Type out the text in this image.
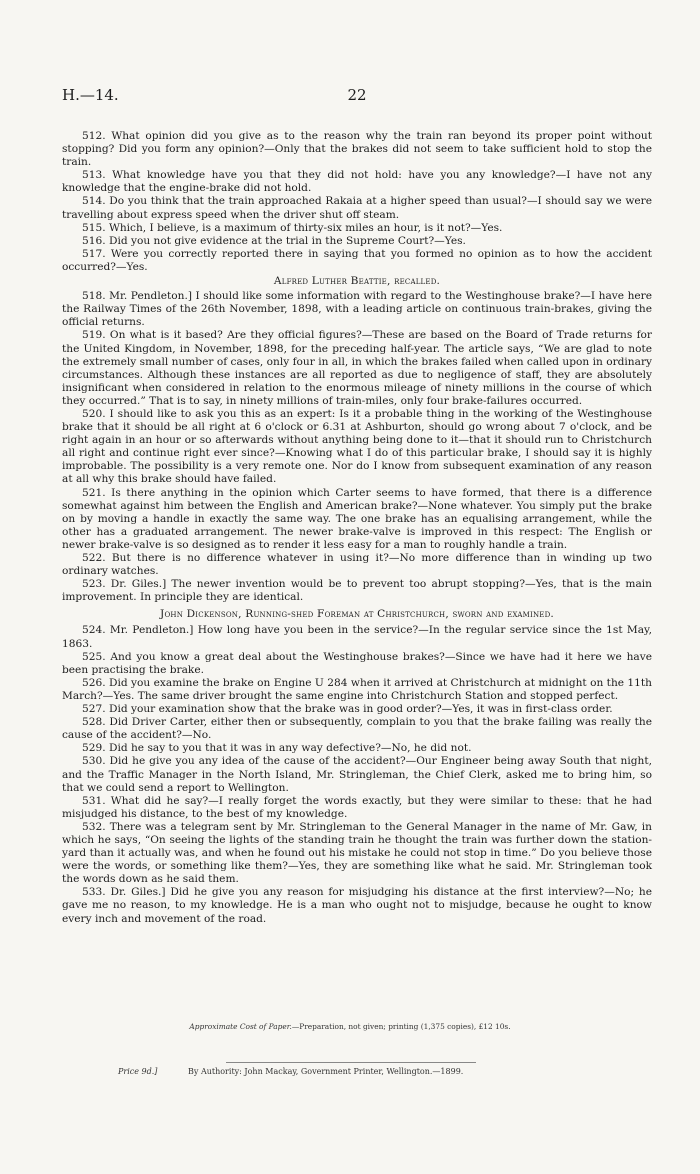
H.—14.	22

512. What opinion did you give as to the reason why the train ran beyond its proper point without stopping? Did you form any opinion?—Only that the brakes did not seem to take sufficient hold to stop the train.

513. What knowledge have you that they did not hold: have you any knowledge?—I have not any knowledge that the engine-brake did not hold.

514. Do you think that the train approached Rakaia at a higher speed than usual?—I should say we were travelling about express speed when the driver shut off steam.

515. Which, I believe, is a maximum of thirty-six miles an hour, is it not?—Yes.

516. Did you not give evidence at the trial in the Supreme Court?—Yes.

517. Were you correctly reported there in saying that you formed no opinion as to how the accident occurred?—Yes.

Alfred Luther Beattie, recalled.

518. Mr. Pendleton.] I should like some information with regard to the Westinghouse brake?—I have here the Railway Times of the 26th November, 1898, with a leading article on continuous train-brakes, giving the official returns.

519. On what is it based? Are they official figures?—These are based on the Board of Trade returns for the United Kingdom, in November, 1898, for the preceding half-year. The article says, “We are glad to note the extremely small number of cases, only four in all, in which the brakes failed when called upon in ordinary circumstances. Although these instances are all reported as due to negligence of staff, they are absolutely insignificant when considered in relation to the enormous mileage of ninety millions in the course of which they occurred.” That is to say, in ninety millions of train-miles, only four brake-failures occurred.

520. I should like to ask you this as an expert: Is it a probable thing in the working of the Westinghouse brake that it should be all right at 6 o'clock or 6.31 at Ashburton, should go wrong about 7 o'clock, and be right again in an hour or so afterwards without anything being done to it—that it should run to Christchurch all right and continue right ever since?—Knowing what I do of this particular brake, I should say it is highly improbable. The possibility is a very remote one. Nor do I know from subsequent examination of any reason at all why this brake should have failed.

521. Is there anything in the opinion which Carter seems to have formed, that there is a difference somewhat against him between the English and American brake?—None whatever. You simply put the brake on by moving a handle in exactly the same way. The one brake has an equalising arrangement, while the other has a graduated arrangement. The newer brake-valve is improved in this respect: The English or newer brake-valve is so designed as to render it less easy for a man to roughly handle a train.

522. But there is no difference whatever in using it?—No more difference than in winding up two ordinary watches.

523. Dr. Giles.] The newer invention would be to prevent too abrupt stopping?—Yes, that is the main improvement. In principle they are identical.

John Dickenson, Running-shed Foreman at Christchurch, sworn and examined.

524. Mr. Pendleton.] How long have you been in the service?—In the regular service since the 1st May, 1863.

525. And you know a great deal about the Westinghouse brakes?—Since we have had it here we have been practising the brake.

526. Did you examine the brake on Engine U 284 when it arrived at Christchurch at midnight on the 11th March?—Yes. The same driver brought the same engine into Christchurch Station and stopped perfect.

527. Did your examination show that the brake was in good order?—Yes, it was in first-class order.

528. Did Driver Carter, either then or subsequently, complain to you that the brake failing was really the cause of the accident?—No.

529. Did he say to you that it was in any way defective?—No, he did not.

530. Did he give you any idea of the cause of the accident?—Our Engineer being away South that night, and the Traffic Manager in the North Island, Mr. Stringleman, the Chief Clerk, asked me to bring him, so that we could send a report to Wellington.

531. What did he say?—I really forget the words exactly, but they were similar to these: that he had misjudged his distance, to the best of my knowledge.

532. There was a telegram sent by Mr. Stringleman to the General Manager in the name of Mr. Gaw, in which he says, “On seeing the lights of the standing train he thought the train was further down the station-yard than it actually was, and when he found out his mistake he could not stop in time.” Do you believe those were the words, or something like them?—Yes, they are something like what he said. Mr. Stringleman took the words down as he said them.

533. Dr. Giles.] Did he give you any reason for misjudging his distance at the first interview?—No; he gave me no reason, to my knowledge. He is a man who ought not to misjudge, because he ought to know every inch and movement of the road.

Approximate Cost of Paper.—Preparation, not given; printing (1,375 copies), £12 10s.
Price 9d.]	By Authority: John Mackay, Government Printer, Wellington.—1899.
